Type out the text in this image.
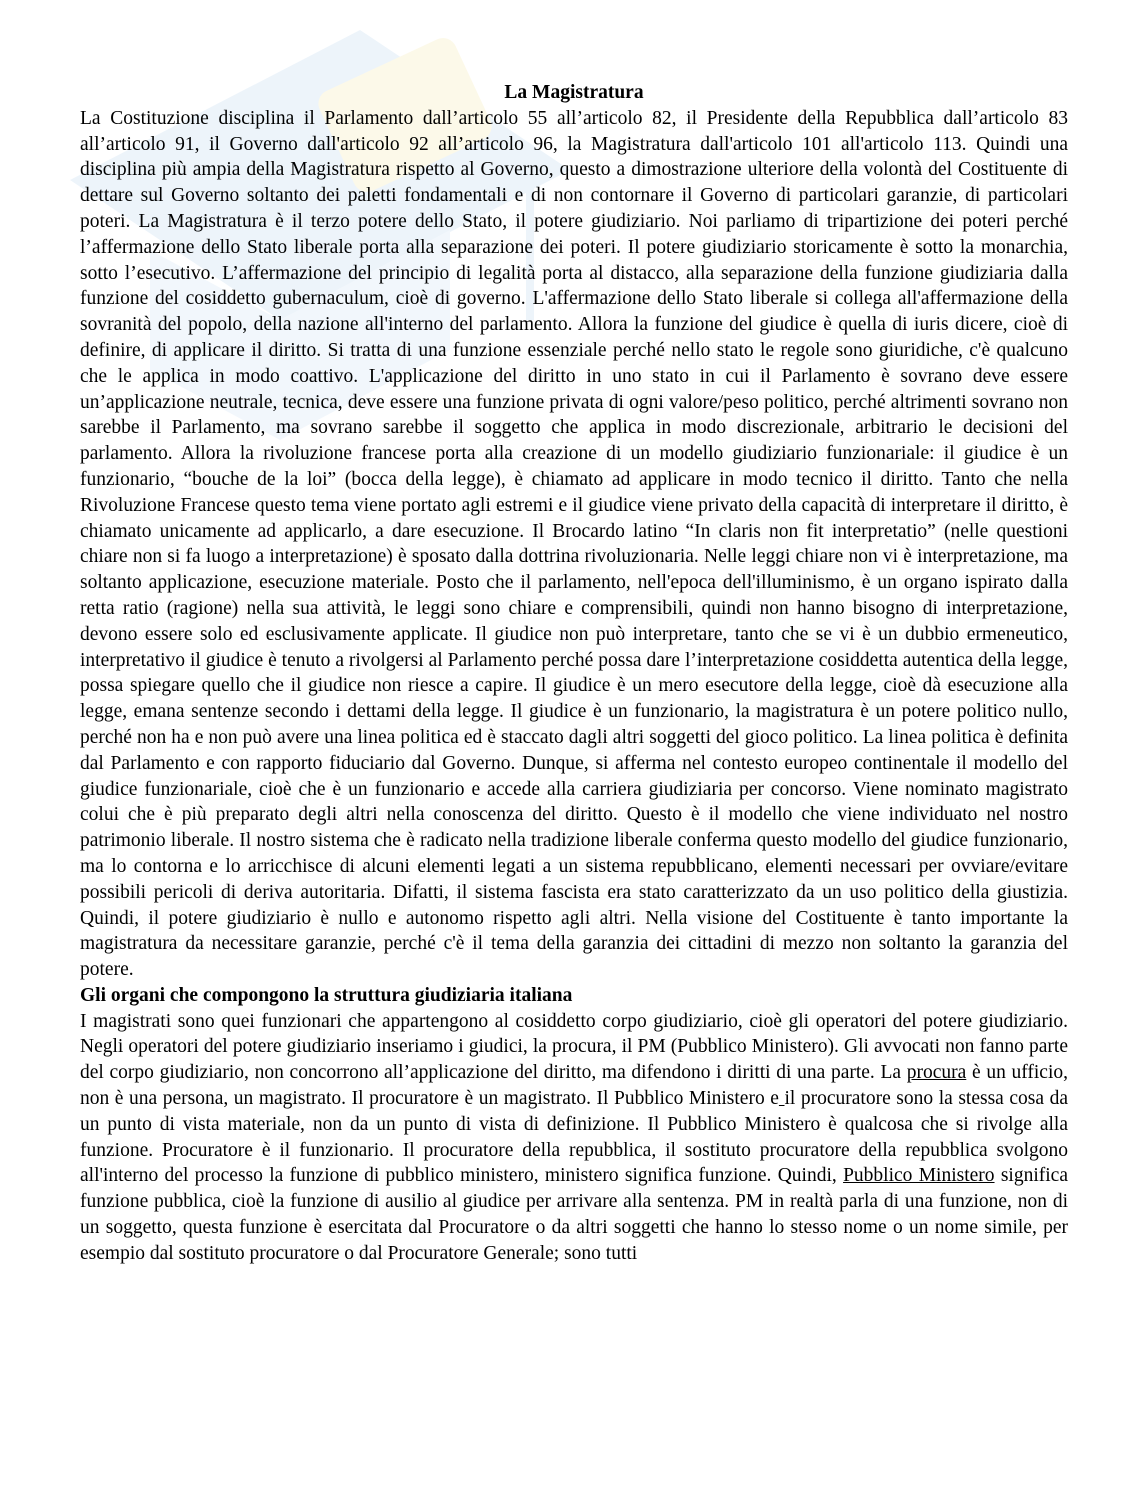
La Magistratura

La Costituzione disciplina il Parlamento dall’articolo 55 all’articolo 82, il Presidente della Repubblica dall’articolo 83 all’articolo 91, il Governo dall'articolo 92 all’articolo 96, la Magistratura dall'articolo 101 all'articolo 113. Quindi una disciplina più ampia della Magistratura rispetto al Governo, questo a dimostrazione ulteriore della volontà del Costituente di dettare sul Governo soltanto dei paletti fondamentali e di non contornare il Governo di particolari garanzie, di particolari poteri. La Magistratura è il terzo potere dello Stato, il potere giudiziario. Noi parliamo di tripartizione dei poteri perché l’affermazione dello Stato liberale porta alla separazione dei poteri. Il potere giudiziario storicamente è sotto la monarchia, sotto l’esecutivo. L’affermazione del principio di legalità porta al distacco, alla separazione della funzione giudiziaria dalla funzione del cosiddetto gubernaculum, cioè di governo. L'affermazione dello Stato liberale si collega all'affermazione della sovranità del popolo, della nazione all'interno del parlamento. Allora la funzione del giudice è quella di iuris dicere, cioè di definire, di applicare il diritto. Si tratta di una funzione essenziale perché nello stato le regole sono giuridiche, c'è qualcuno che le applica in modo coattivo. L'applicazione del diritto in uno stato in cui il Parlamento è sovrano deve essere un’applicazione neutrale, tecnica, deve essere una funzione privata di ogni valore/peso politico, perché altrimenti sovrano non sarebbe il Parlamento, ma sovrano sarebbe il soggetto che applica in modo discrezionale, arbitrario le decisioni del parlamento. Allora la rivoluzione francese porta alla creazione di un modello giudiziario funzionariale: il giudice è un funzionario, “bouche de la loi” (bocca della legge), è chiamato ad applicare in modo tecnico il diritto. Tanto che nella Rivoluzione Francese questo tema viene portato agli estremi e il giudice viene privato della capacità di interpretare il diritto, è chiamato unicamente ad applicarlo, a dare esecuzione. Il Brocardo latino “In claris non fit interpretatio” (nelle questioni chiare non si fa luogo a interpretazione) è sposato dalla dottrina rivoluzionaria. Nelle leggi chiare non vi è interpretazione, ma soltanto applicazione, esecuzione materiale. Posto che il parlamento, nell'epoca dell'illuminismo, è un organo ispirato dalla retta ratio (ragione) nella sua attività, le leggi sono chiare e comprensibili, quindi non hanno bisogno di interpretazione, devono essere solo ed esclusivamente applicate. Il giudice non può interpretare, tanto che se vi è un dubbio ermeneutico, interpretativo il giudice è tenuto a rivolgersi al Parlamento perché possa dare l’interpretazione cosiddetta autentica della legge, possa spiegare quello che il giudice non riesce a capire. Il giudice è un mero esecutore della legge, cioè dà esecuzione alla legge, emana sentenze secondo i dettami della legge. Il giudice è un funzionario, la magistratura è un potere politico nullo, perché non ha e non può avere una linea politica ed è staccato dagli altri soggetti del gioco politico. La linea politica è definita dal Parlamento e con rapporto fiduciario dal Governo. Dunque, si afferma nel contesto europeo continentale il modello del giudice funzionariale, cioè che è un funzionario e accede alla carriera giudiziaria per concorso. Viene nominato magistrato colui che è più preparato degli altri nella conoscenza del diritto. Questo è il modello che viene individuato nel nostro patrimonio liberale. Il nostro sistema che è radicato nella tradizione liberale conferma questo modello del giudice funzionario, ma lo contorna e lo arricchisce di alcuni elementi legati a un sistema repubblicano, elementi necessari per ovviare/evitare possibili pericoli di deriva autoritaria. Difatti, il sistema fascista era stato caratterizzato da un uso politico della giustizia. Quindi, il potere giudiziario è nullo e autonomo rispetto agli altri. Nella visione del Costituente è tanto importante la magistratura da necessitare garanzie, perché c'è il tema della garanzia dei cittadini di mezzo non soltanto la garanzia del potere.

Gli organi che compongono la struttura giudiziaria italiana

I magistrati sono quei funzionari che appartengono al cosiddetto corpo giudiziario, cioè gli operatori del potere giudiziario. Negli operatori del potere giudiziario inseriamo i giudici, la procura, il PM (Pubblico Ministero). Gli avvocati non fanno parte del corpo giudiziario, non concorrono all’applicazione del diritto, ma difendono i diritti di una parte. La procura è un ufficio, non è una persona, un magistrato. Il procuratore è un magistrato. Il Pubblico Ministero e il procuratore sono la stessa cosa da un punto di vista materiale, non da un punto di vista di definizione. Il Pubblico Ministero è qualcosa che si rivolge alla funzione. Procuratore è il funzionario. Il procuratore della repubblica, il sostituto procuratore della repubblica svolgono all'interno del processo la funzione di pubblico ministero, ministero significa funzione. Quindi, Pubblico Ministero significa funzione pubblica, cioè la funzione di ausilio al giudice per arrivare alla sentenza. PM in realtà parla di una funzione, non di un soggetto, questa funzione è esercitata dal Procuratore o da altri soggetti che hanno lo stesso nome o un nome simile, per esempio dal sostituto procuratore o dal Procuratore Generale; sono tutti
